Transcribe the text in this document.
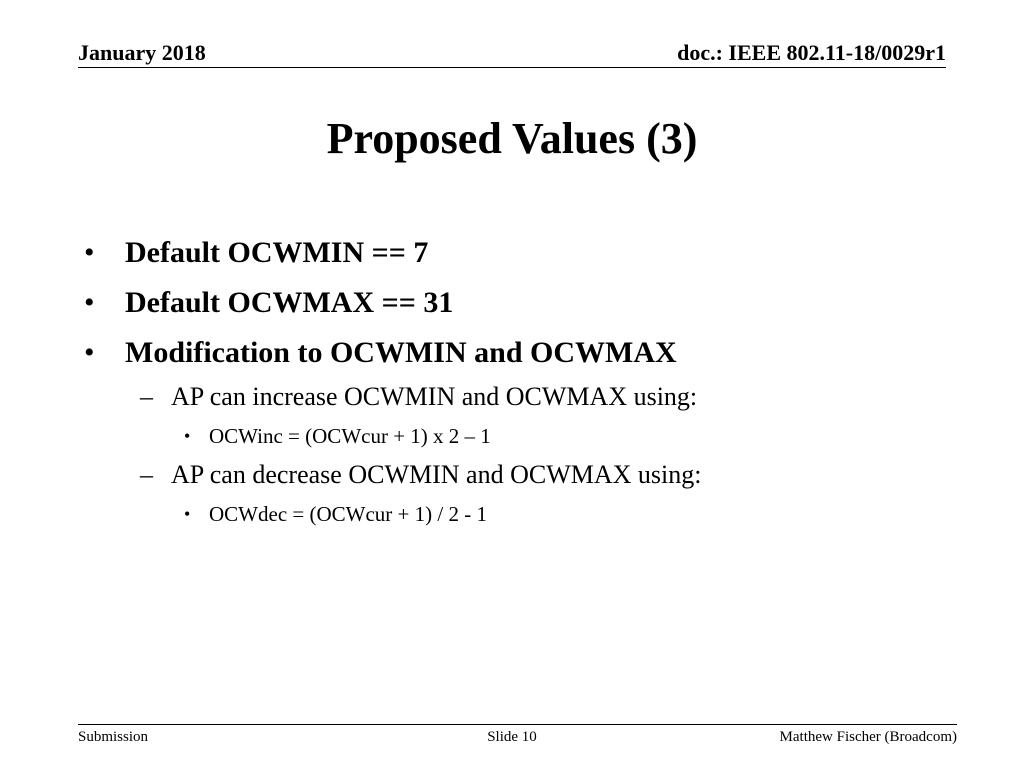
January 2018	doc.: IEEE 802.11-18/0029r1
Proposed Values (3)
• Default OCWMIN == 7
• Default OCWMAX == 31
• Modification to OCWMIN and OCWMAX
– AP can increase OCWMIN and OCWMAX using:
• OCWinc = (OCWcur + 1) x 2 – 1
– AP can decrease OCWMIN and OCWMAX using:
• OCWdec = (OCWcur + 1) / 2 - 1
Submission	Slide 10	Matthew Fischer (Broadcom)
